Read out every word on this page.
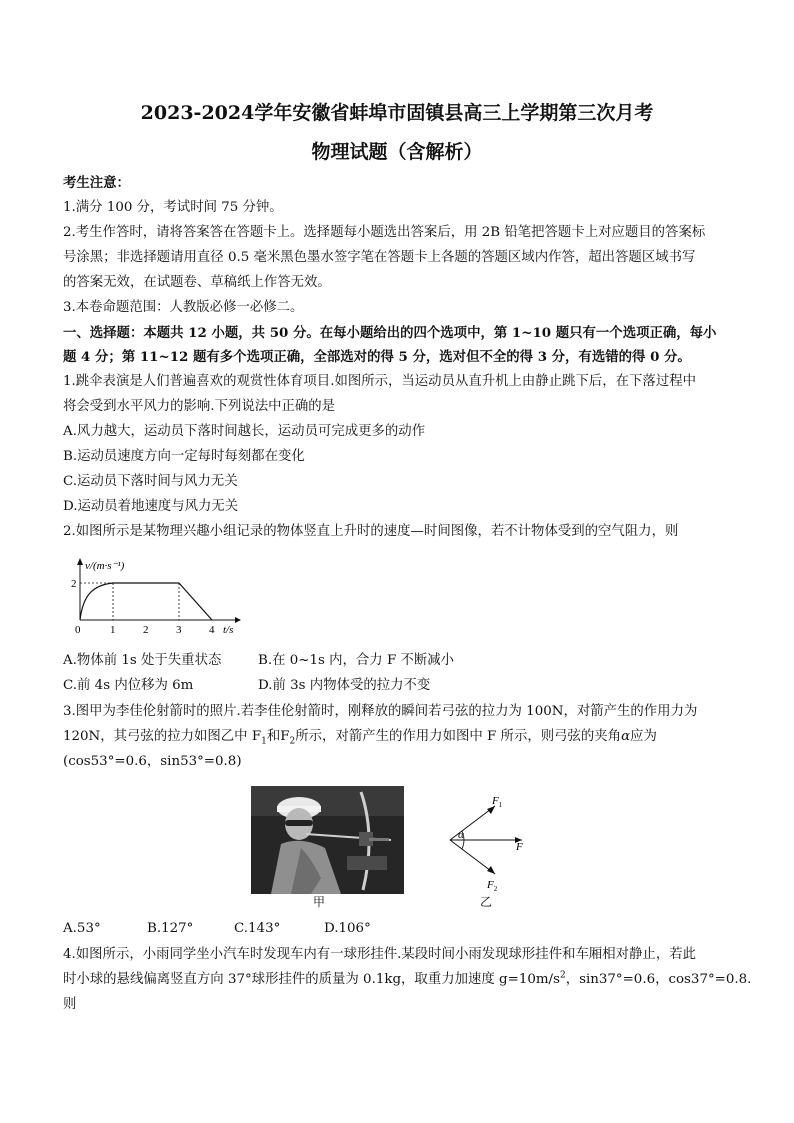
2023-2024学年安徽省蚌埠市固镇县高三上学期第三次月考
物理试题（含解析）
考生注意：
1.满分 100 分，考试时间 75 分钟。
2.考生作答时，请将答案答在答题卡上。选择题每小题选出答案后，用 2B 铅笔把答题卡上对应题目的答案标
号涂黑；非选择题请用直径 0.5 毫米黑色墨水签字笔在答题卡上各题的答题区域内作答，超出答题区域书写
的答案无效，在试题卷、草稿纸上作答无效。
3.本卷命题范围：人教版必修一必修二。
一、选择题：本题共 12 小题，共 50 分。在每小题给出的四个选项中，第 1~10 题只有一个选项正确，每小
题 4 分；第 11~12 题有多个选项正确，全部选对的得 5 分，选对但不全的得 3 分，有选错的得 0 分。
1.跳伞表演是人们普遍喜欢的观赏性体育项目.如图所示，当运动员从直升机上由静止跳下后，在下落过程中
将会受到水平风力的影响.下列说法中正确的是
A.风力越大，运动员下落时间越长，运动员可完成更多的动作
B.运动员速度方向一定每时每刻都在变化
C.运动员下落时间与风力无关
D.运动员着地速度与风力无关
2.如图所示是某物理兴趣小组记录的物体竖直上升时的速度—时间图像，若不计物体受到的空气阻力，则
v/(m·s⁻¹)
2
0	1	2	3	4 t/s
A.物体前 1s 处于失重状态	B.在 0~1s 内，合力 F 不断减小
C.前 4s 内位移为 6m	D.前 3s 内物体受的拉力不变
3.图甲为李佳伦射箭时的照片.若李佳伦射箭时，刚释放的瞬间若弓弦的拉力为 100N，对箭产生的作用力为
120N，其弓弦的拉力如图乙中 $F_1$和$F_2$所示，对箭产生的作用力如图中 F 所示，则弓弦的夹角α应为
(cos53°=0.6，sin53°=0.8)
甲
α
$F_1$
F
$F_2$
乙
A.53°	B.127°	C.143°	D.106°
4.如图所示，小雨同学坐小汽车时发现车内有一球形挂件.某段时间小雨发现球形挂件和车厢相对静止，若此
时小球的悬线偏离竖直方向 37°球形挂件的质量为 0.1kg，取重力加速度 $g=10m/s^2$，sin37°=0.6，cos37°=0.8.
则
